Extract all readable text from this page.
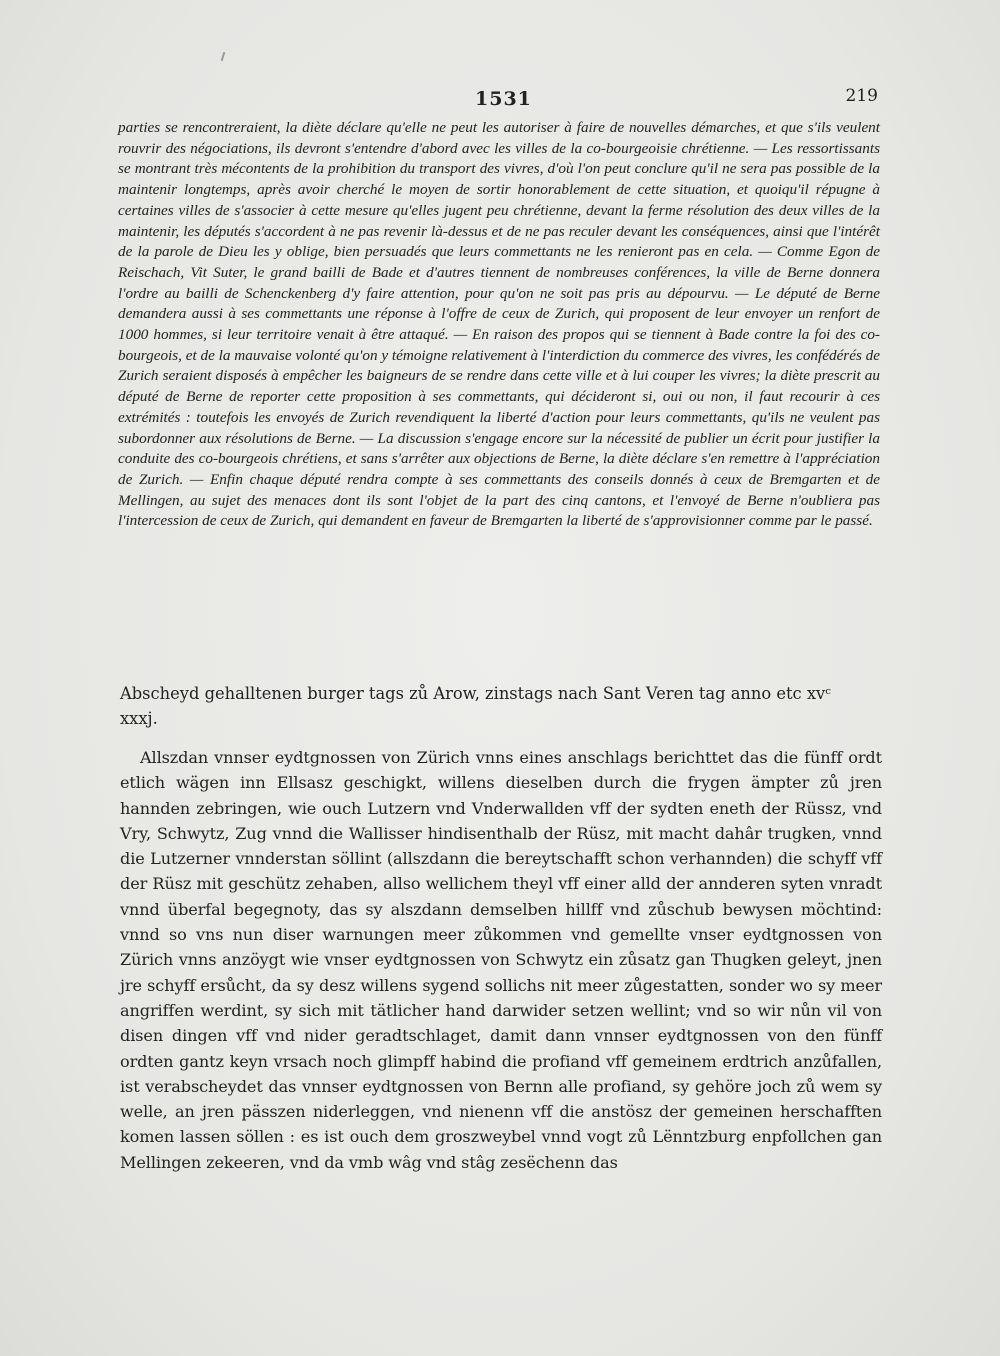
1531	219

parties se rencontreraient, la diète déclare qu'elle ne peut les autoriser à faire de nouvelles démarches, et que s'ils veulent rouvrir des négociations, ils devront s'entendre d'abord avec les villes de la co-bourgeoisie chrétienne. — Les ressortissants se montrant très mécontents de la prohibition du transport des vivres, d'où l'on peut conclure qu'il ne sera pas possible de la maintenir longtemps, après avoir cherché le moyen de sortir honorablement de cette situation, et quoiqu'il répugne à certaines villes de s'associer à cette mesure qu'elles jugent peu chrétienne, devant la ferme résolution des deux villes de la maintenir, les députés s'accordent à ne pas revenir là-dessus et de ne pas reculer devant les conséquences, ainsi que l'intérêt de la parole de Dieu les y oblige, bien persuadés que leurs commettants ne les renieront pas en cela. — Comme Egon de Reischach, Vit Suter, le grand bailli de Bade et d'autres tiennent de nombreuses conférences, la ville de Berne donnera l'ordre au bailli de Schenckenberg d'y faire attention, pour qu'on ne soit pas pris au dépourvu. — Le député de Berne demandera aussi à ses commettants une réponse à l'offre de ceux de Zurich, qui proposent de leur envoyer un renfort de 1000 hommes, si leur territoire venait à être attaqué. — En raison des propos qui se tiennent à Bade contre la foi des co-bourgeois, et de la mauvaise volonté qu'on y témoigne relativement à l'interdiction du commerce des vivres, les confédérés de Zurich seraient disposés à empêcher les baigneurs de se rendre dans cette ville et à lui couper les vivres; la diète prescrit au député de Berne de reporter cette proposition à ses commettants, qui décideront si, oui ou non, il faut recourir à ces extrémités : toutefois les envoyés de Zurich revendiquent la liberté d'action pour leurs commettants, qu'ils ne veulent pas subordonner aux résolutions de Berne. — La discussion s'engage encore sur la nécessité de publier un écrit pour justifier la conduite des co-bourgeois chrétiens, et sans s'arrêter aux objections de Berne, la diète déclare s'en remettre à l'appréciation de Zurich. — Enfin chaque député rendra compte à ses commettants des conseils donnés à ceux de Bremgarten et de Mellingen, au sujet des menaces dont ils sont l'objet de la part des cinq cantons, et l'envoyé de Berne n'oubliera pas l'intercession de ceux de Zurich, qui demandent en faveur de Bremgarten la liberté de s'approvisionner comme par le passé.

Abscheyd gehalltenen burger tags zů Arow, zinstags nach Sant Veren tag anno etc xvᶜ xxxj.

Allszdan vnnser eydtgnossen von Zürich vnns eines anschlags berichttet das die fünff ordt etlich wägen inn Ellsasz geschigkt, willens dieselben durch die frygen ämpter zů jren hannden zebringen, wie ouch Lutzern vnd Vnderwallden vff der sydten eneth der Rüssz, vnd Vry, Schwytz, Zug vnnd die Wallisser hindisenthalb der Rüsz, mit macht dahâr trugken, vnnd die Lutzerner vnnderstan söllint (allszdann die bereytschafft schon verhannden) die schyff vff der Rüsz mit geschütz zehaben, allso wellichem theyl vff einer alld der annderen syten vnradt vnnd überfal begegnoty, das sy alszdann demselben hillff vnd zůschub bewysen möchtind: vnnd so vns nun diser warnungen meer zůkommen vnd gemellte vnser eydtgnossen von Zürich vnns anzöygt wie vnser eydtgnossen von Schwytz ein zůsatz gan Thugken geleyt, jnen jre schyff ersůcht, da sy desz willens sygend sollichs nit meer zůgestatten, sonder wo sy meer angriffen werdint, sy sich mit tätlicher hand darwider setzen wellint; vnd so wir nůn vil von disen dingen vff vnd nider geradtschlaget, damit dann vnnser eydtgnossen von den fünff ordten gantz keyn vrsach noch glimpff habind die profiand vff gemeinem erdtrich anzůfallen, ist verabscheydet das vnnser eydtgnossen von Bernn alle profiand, sy gehöre joch zů wem sy welle, an jren pässzen niderleggen, vnd nienenn vff die anstösz der gemeinen herschafften komen lassen söllen : es ist ouch dem groszweybel vnnd vogt zů Lënntzburg enpfollchen gan Mellingen zekeeren, vnd da vmb wâg vnd stâg zesëchenn das
